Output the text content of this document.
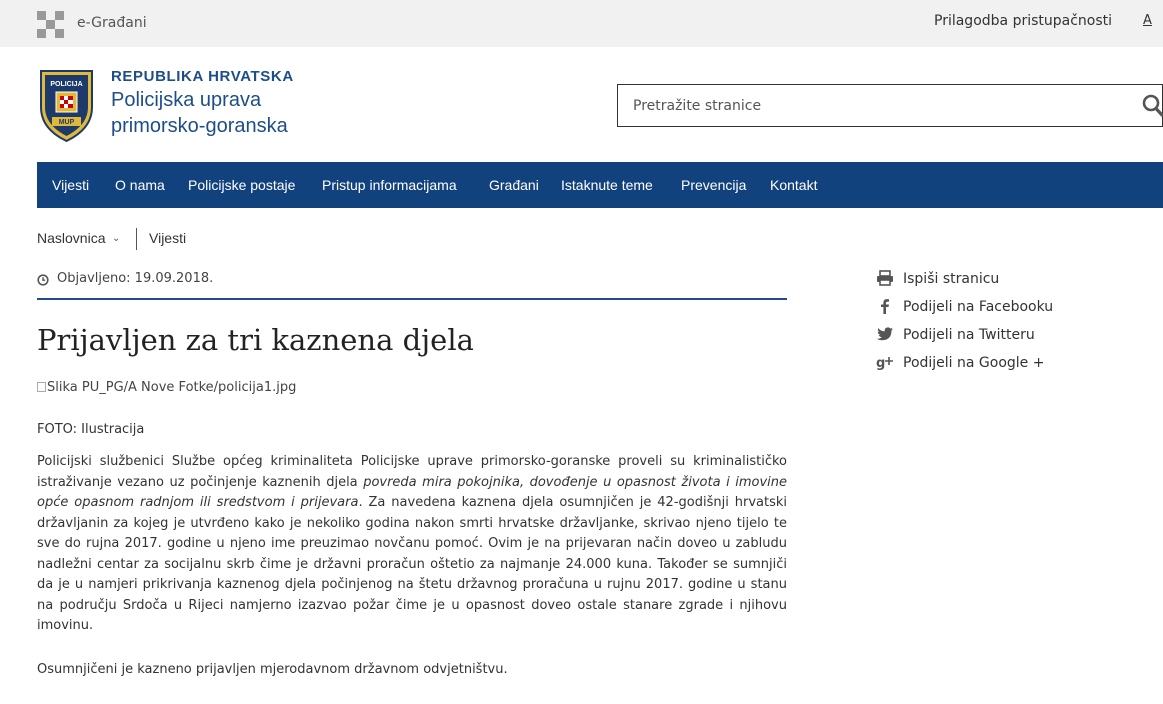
e-Građani	Prilagodba pristupačnosti A
POLICIJA
MUP
REPUBLIKA HRVATSKA
Policijska uprava
primorsko-goranska
Pretražite stranice
Vijesti O nama Policijske postaje Pristup informacijama Građani Istaknute teme Prevencija Kontakt
Naslovnica ⌄ Vijesti
Objavljeno: 19.09.2018.
Prijavljen za tri kaznena djela
Slika PU_PG/A Nove Fotke/policija1.jpg
FOTO: Ilustracija

Policijski službenici Službe općeg kriminaliteta Policijske uprave primorsko-goranske proveli su kriminalističko istraživanje vezano uz počinjenje kaznenih djela povreda mira pokojnika, dovođenje u opasnost života i imovine opće opasnom radnjom ili sredstvom i prijevara. Za navedena kaznena djela osumnjičen je 42-godišnji hrvatski državljanin za kojeg je utvrđeno kako je nekoliko godina nakon smrti hrvatske državljanke, skrivao njeno tijelo te sve do rujna 2017. godine u njeno ime preuzimao novčanu pomoć. Ovim je na prijevaran način doveo u zabludu nadležni centar za socijalnu skrb čime je državni proračun oštetio za najmanje 24.000 kuna. Također se sumnjiči da je u namjeri prikrivanja kaznenog djela počinjenog na štetu državnog proračuna u rujnu 2017. godine u stanu na području Srdoča u Rijeci namjerno izazvao požar čime je u opasnost doveo ostale stanare zgrade i njihovu imovinu.

Osumnjičeni je kazneno prijavljen mjerodavnom državnom odvjetništvu.

Ispiši stranicu
Podijeli na Facebooku
Podijeli na Twitteru
g Podijeli na Google +
